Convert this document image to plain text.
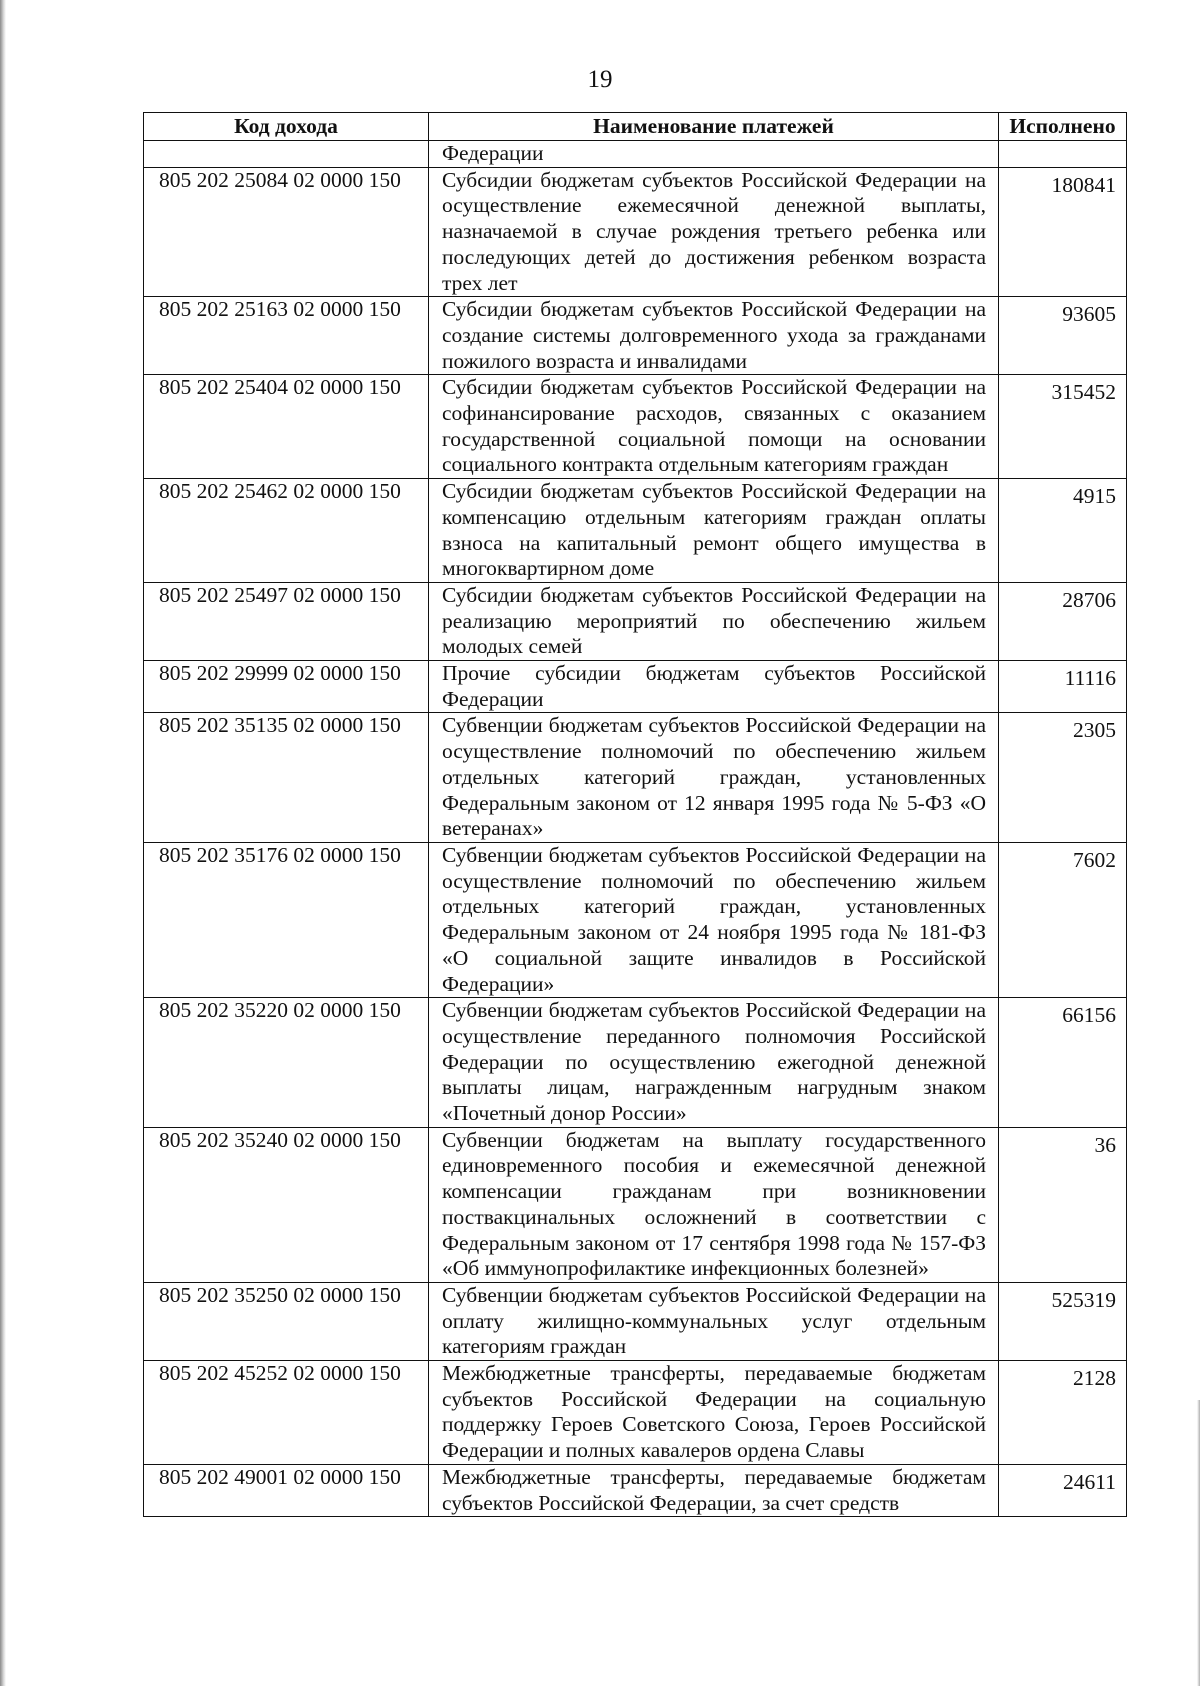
19
Код дохода	Наименование платежей	Исполнено
	Федерации	
805 202 25084 02 0000 150	Субсидии бюджетам субъектов Российской Федерации на осуществление ежемесячной денежной выплаты, назначаемой в случае рождения третьего ребенка или последующих детей до достижения ребенком возраста трех лет	180841
805 202 25163 02 0000 150	Субсидии бюджетам субъектов Российской Федерации на создание системы долговременного ухода за гражданами пожилого возраста и инвалидами	93605
805 202 25404 02 0000 150	Субсидии бюджетам субъектов Российской Федерации на софинансирование расходов, связанных с оказанием государственной социальной помощи на основании социального контракта отдельным категориям граждан	315452
805 202 25462 02 0000 150	Субсидии бюджетам субъектов Российской Федерации на компенсацию отдельным категориям граждан оплаты взноса на капитальный ремонт общего имущества в многоквартирном доме	4915
805 202 25497 02 0000 150	Субсидии бюджетам субъектов Российской Федерации на реализацию мероприятий по обеспечению жильем молодых семей	28706
805 202 29999 02 0000 150	Прочие субсидии бюджетам субъектов Российской Федерации	11116
805 202 35135 02 0000 150	Субвенции бюджетам субъектов Российской Федерации на осуществление полномочий по обеспечению жильем отдельных категорий граждан, установленных Федеральным законом от 12 января 1995 года № 5-ФЗ «О ветеранах»	2305
805 202 35176 02 0000 150	Субвенции бюджетам субъектов Российской Федерации на осуществление полномочий по обеспечению жильем отдельных категорий граждан, установленных Федеральным законом от 24 ноября 1995 года № 181-ФЗ «О социальной защите инвалидов в Российской Федерации»	7602
805 202 35220 02 0000 150	Субвенции бюджетам субъектов Российской Федерации на осуществление переданного полномочия Российской Федерации по осуществлению ежегодной денежной выплаты лицам, награжденным нагрудным знаком «Почетный донор России»	66156
805 202 35240 02 0000 150	Субвенции бюджетам на выплату государственного единовременного пособия и ежемесячной денежной компенсации гражданам при возникновении поствакцинальных осложнений в соответствии с Федеральным законом от 17 сентября 1998 года № 157-ФЗ «Об иммунопрофилактике инфекционных болезней»	36
805 202 35250 02 0000 150	Субвенции бюджетам субъектов Российской Федерации на оплату жилищно-коммунальных услуг отдельным категориям граждан	525319
805 202 45252 02 0000 150	Межбюджетные трансферты, передаваемые бюджетам субъектов Российской Федерации на социальную поддержку Героев Советского Союза, Героев Российской Федерации и полных кавалеров ордена Славы	2128
805 202 49001 02 0000 150	Межбюджетные трансферты, передаваемые бюджетам субъектов Российской Федерации, за счет средств	24611
